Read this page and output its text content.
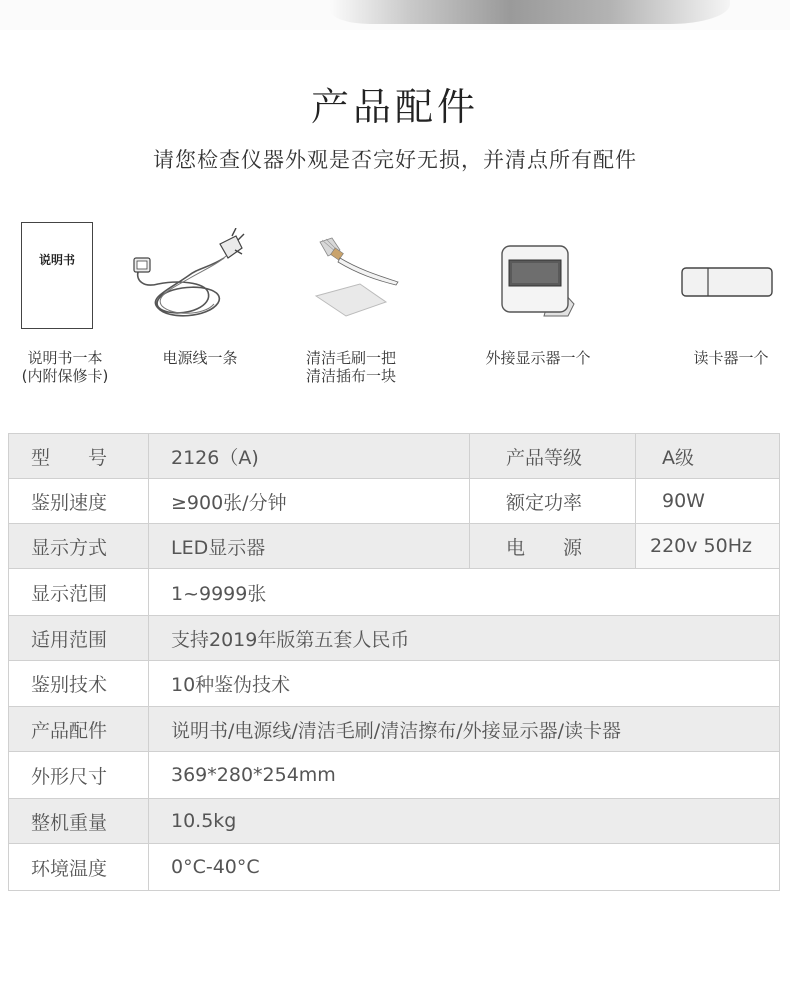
产品配件
请您检查仪器外观是否完好无损，并清点所有配件
说明书
说明书一本
(内附保修卡)
电源线一条	清洁毛刷一把
清洁插布一块
外接显示器一个	读卡器一个
型　　号	2126（A)	产品等级	A级
鉴别速度	≥900张/分钟	额定功率	90W
显示方式	LED显示器	电　　源	220v 50Hz
显示范围	1~9999张		
适用范围	支持2019年版第五套人民币		
鉴别技术	10种鉴伪技术		
产品配件	说明书/电源线/清洁毛刷/清洁擦布/外接显示器/读卡器		
外形尺寸	369*280*254mm		
整机重量	10.5kg		
环境温度	0°C-40°C		
